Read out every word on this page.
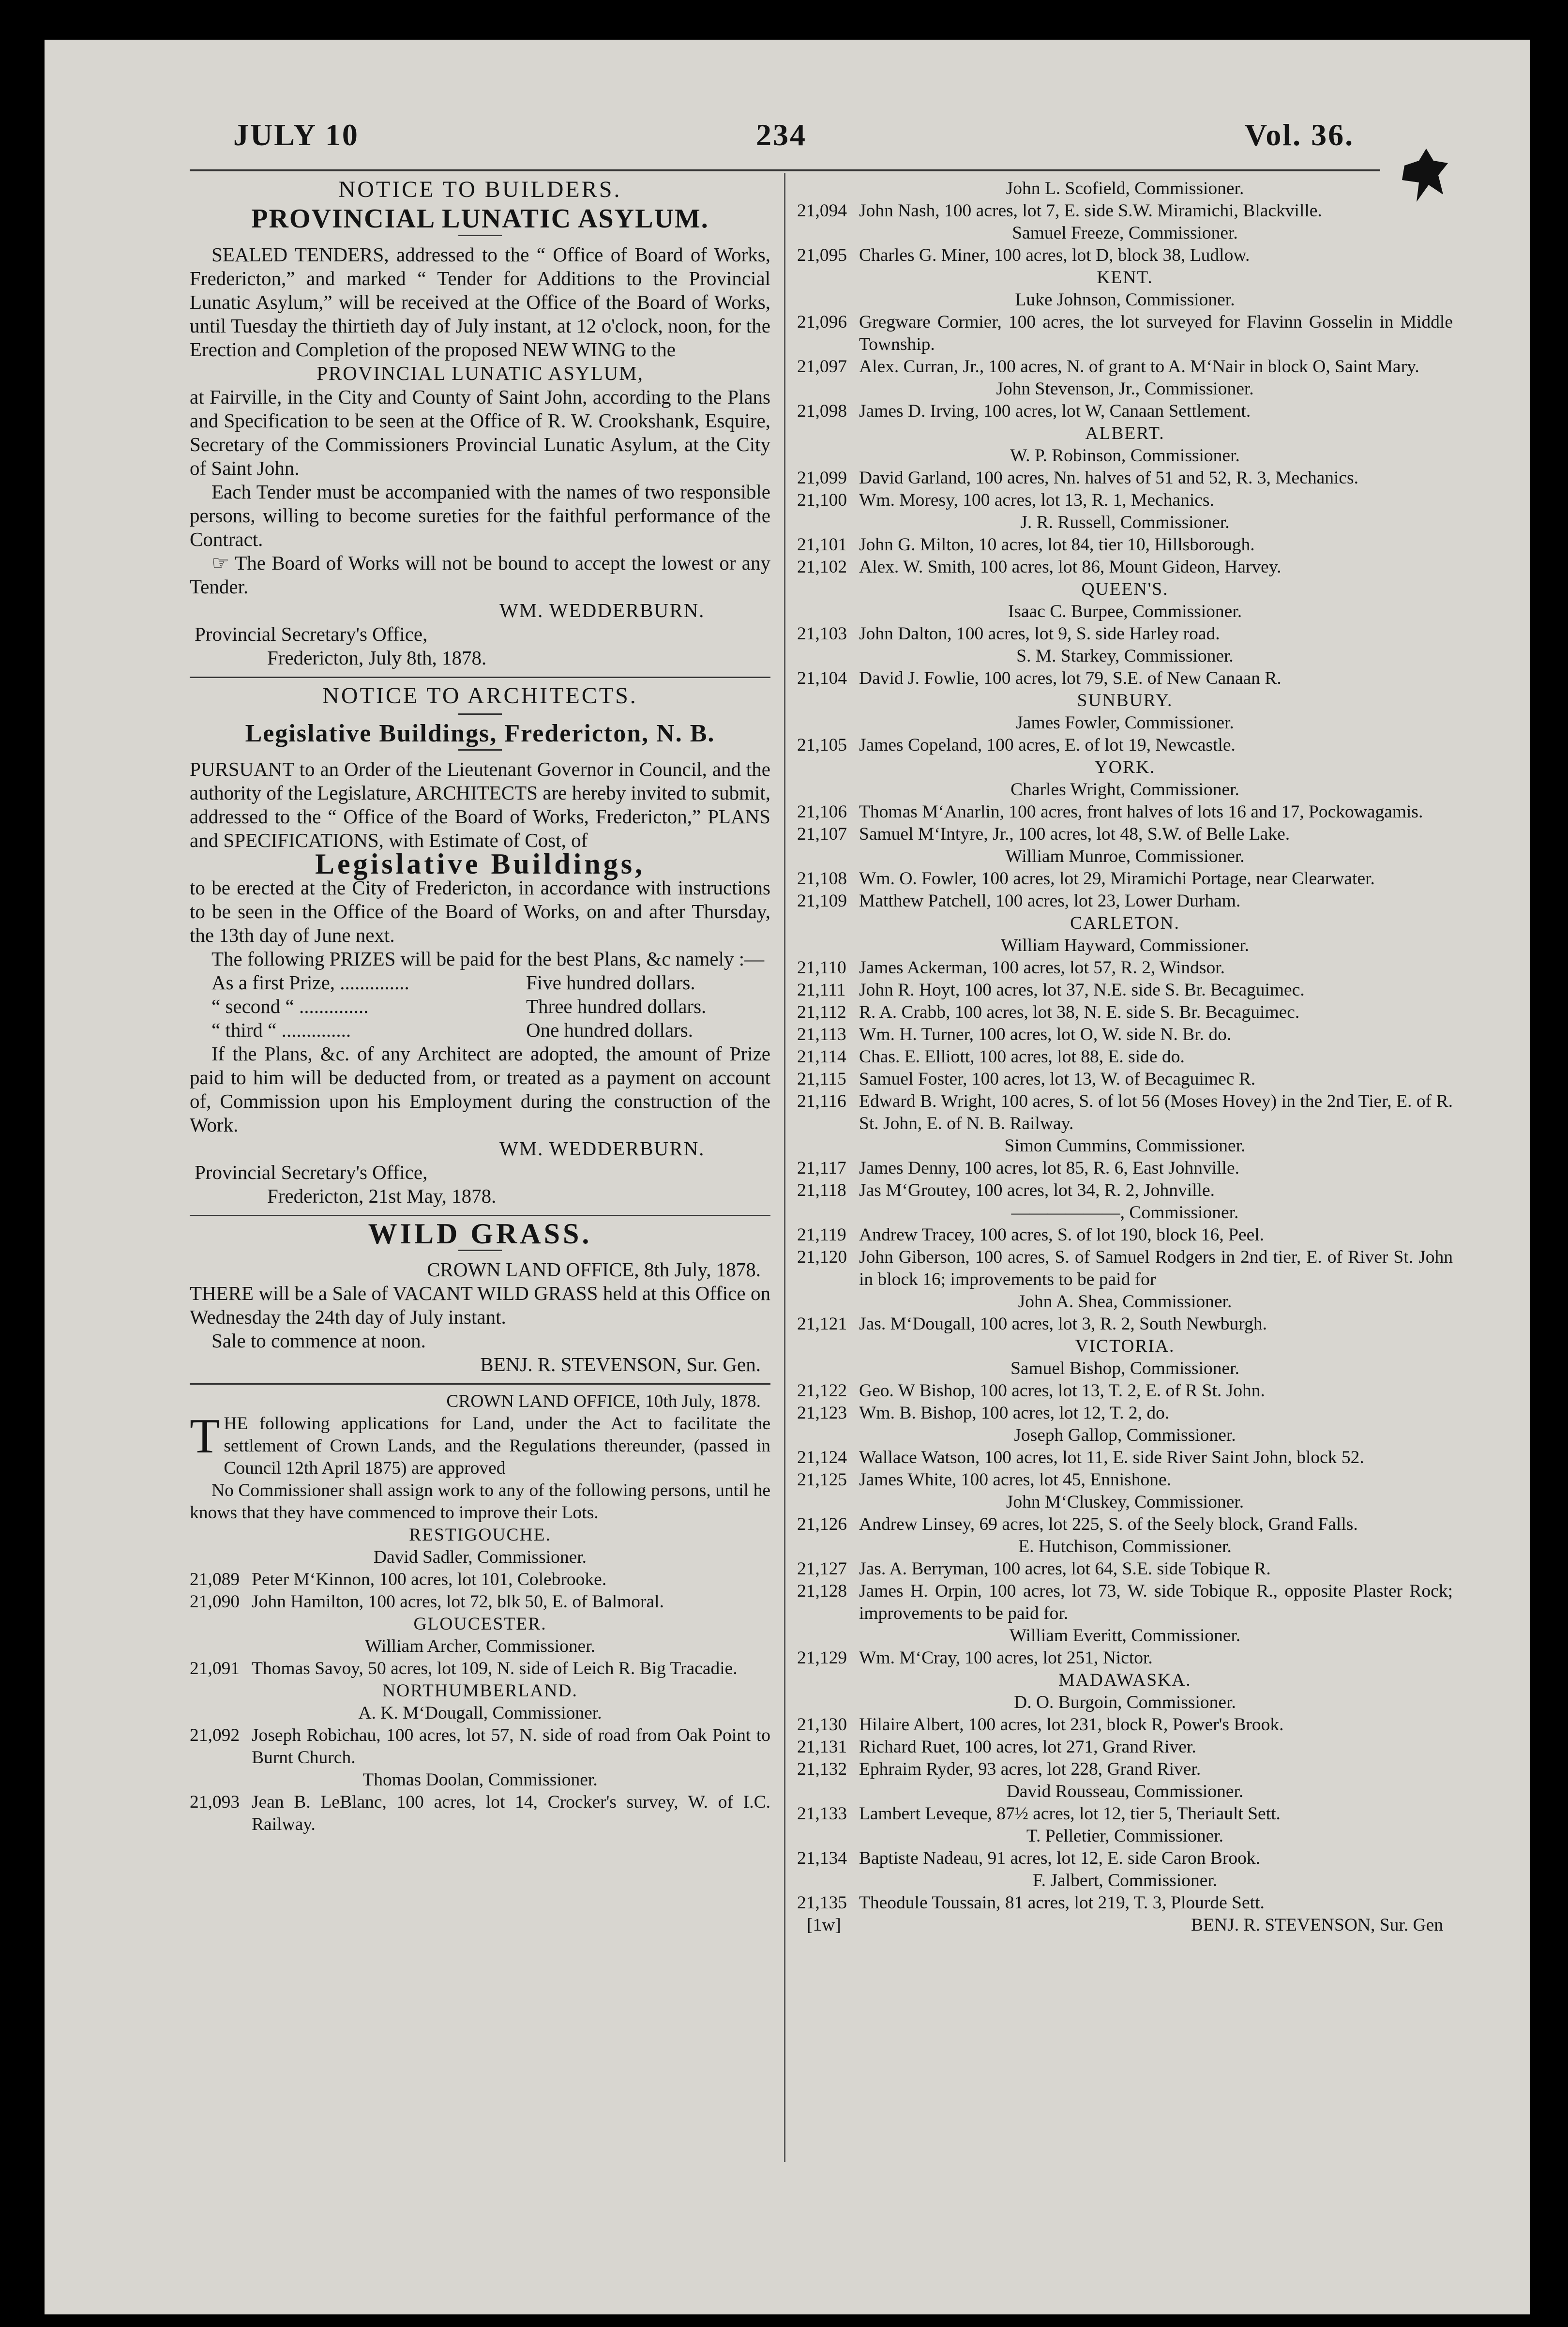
JULY 10	234	Vol. 36.
NOTICE TO BUILDERS.
PROVINCIAL LUNATIC ASYLUM.

SEALED TENDERS, addressed to the “ Office of Board of Works, Fredericton,” and marked “ Tender for Additions to the Provincial Lunatic Asylum,” will be received at the Office of the Board of Works, until Tuesday the thirtieth day of July instant, at 12 o'clock, noon, for the Erection and Completion of the proposed NEW WING to the

PROVINCIAL LUNATIC ASYLUM,

at Fairville, in the City and County of Saint John, according to the Plans and Specification to be seen at the Office of R. W. Crookshank, Esquire, Secretary of the Commissioners Provincial Lunatic Asylum, at the City of Saint John.

Each Tender must be accompanied with the names of two responsible persons, willing to become sureties for the faithful performance of the Contract.

☞ The Board of Works will not be bound to accept the lowest or any Tender.

WM. WEDDERBURN.
Provincial Secretary's Office,
Fredericton, July 8th, 1878.
NOTICE TO ARCHITECTS.
Legislative Buildings, Fredericton, N. B.

PURSUANT to an Order of the Lieutenant Governor in Council, and the authority of the Legislature, ARCHITECTS are hereby invited to submit, addressed to the “ Office of the Board of Works, Fredericton,” PLANS and SPECIFICATIONS, with Estimate of Cost, of

Legislative Buildings,

to be erected at the City of Fredericton, in accordance with instructions to be seen in the Office of the Board of Works, on and after Thursday, the 13th day of June next.

The following PRIZES will be paid for the best Plans, &c namely :—

As a first Prize, ..............	Five hundred dollars.
“ second “ ..............	Three hundred dollars.
“ third “ ..............	One hundred dollars.

If the Plans, &c. of any Architect are adopted, the amount of Prize paid to him will be deducted from, or treated as a payment on account of, Commission upon his Employment during the construction of the Work.

WM. WEDDERBURN.
Provincial Secretary's Office,
Fredericton, 21st May, 1878.
WILD GRASS.
CROWN LAND OFFICE, 8th July, 1878.

THERE will be a Sale of VACANT WILD GRASS held at this Office on Wednesday the 24th day of July instant.

Sale to commence at noon.

BENJ. R. STEVENSON, Sur. Gen.
CROWN LAND OFFICE, 10th July, 1878.
T HE following applications for Land, under the Act to facilitate the settlement of Crown Lands, and the Regulations thereunder, (passed in Council 12th April 1875) are approved

No Commissioner shall assign work to any of the following persons, until he knows that they have commenced to improve their Lots.

RESTIGOUCHE.
David Sadler, Commissioner.
21,089 Peter M‘Kinnon, 100 acres, lot 101, Colebrooke.
21,090 John Hamilton, 100 acres, lot 72, blk 50, E. of Balmoral.
GLOUCESTER.
William Archer, Commissioner.
21,091 Thomas Savoy, 50 acres, lot 109, N. side of Leich R. Big Tracadie.
NORTHUMBERLAND.
A. K. M‘Dougall, Commissioner.
21,092 Joseph Robichau, 100 acres, lot 57, N. side of road from Oak Point to Burnt Church.
Thomas Doolan, Commissioner.
21,093 Jean B. LeBlanc, 100 acres, lot 14, Crocker's survey, W. of I.C. Railway.
John L. Scofield, Commissioner.
21,094 John Nash, 100 acres, lot 7, E. side S.W. Miramichi, Blackville.
Samuel Freeze, Commissioner.
21,095 Charles G. Miner, 100 acres, lot D, block 38, Ludlow.
KENT.
Luke Johnson, Commissioner.
21,096 Gregware Cormier, 100 acres, the lot surveyed for Flavinn Gosselin in Middle Township.
21,097 Alex. Curran, Jr., 100 acres, N. of grant to A. M‘Nair in block O, Saint Mary.
John Stevenson, Jr., Commissioner.
21,098 James D. Irving, 100 acres, lot W, Canaan Settlement.
ALBERT.
W. P. Robinson, Commissioner.
21,099 David Garland, 100 acres, Nn. halves of 51 and 52, R. 3, Mechanics.
21,100 Wm. Moresy, 100 acres, lot 13, R. 1, Mechanics.
J. R. Russell, Commissioner.
21,101 John G. Milton, 10 acres, lot 84, tier 10, Hillsborough.
21,102 Alex. W. Smith, 100 acres, lot 86, Mount Gideon, Harvey.
QUEEN'S.
Isaac C. Burpee, Commissioner.
21,103 John Dalton, 100 acres, lot 9, S. side Harley road.
S. M. Starkey, Commissioner.
21,104 David J. Fowlie, 100 acres, lot 79, S.E. of New Canaan R.
SUNBURY.
James Fowler, Commissioner.
21,105 James Copeland, 100 acres, E. of lot 19, Newcastle.
YORK.
Charles Wright, Commissioner.
21,106 Thomas M‘Anarlin, 100 acres, front halves of lots 16 and 17, Pockowagamis.
21,107 Samuel M‘Intyre, Jr., 100 acres, lot 48, S.W. of Belle Lake.
William Munroe, Commissioner.
21,108 Wm. O. Fowler, 100 acres, lot 29, Miramichi Portage, near Clearwater.
21,109 Matthew Patchell, 100 acres, lot 23, Lower Durham.
CARLETON.
William Hayward, Commissioner.
21,110 James Ackerman, 100 acres, lot 57, R. 2, Windsor.
21,111 John R. Hoyt, 100 acres, lot 37, N.E. side S. Br. Becaguimec.
21,112 R. A. Crabb, 100 acres, lot 38, N. E. side S. Br. Becaguimec.
21,113 Wm. H. Turner, 100 acres, lot O, W. side N. Br. do.
21,114 Chas. E. Elliott, 100 acres, lot 88, E. side do.
21,115 Samuel Foster, 100 acres, lot 13, W. of Becaguimec R.
21,116 Edward B. Wright, 100 acres, S. of lot 56 (Moses Hovey) in the 2nd Tier, E. of R. St. John, E. of N. B. Railway.
Simon Cummins, Commissioner.
21,117 James Denny, 100 acres, lot 85, R. 6, East Johnville.
21,118 Jas M‘Groutey, 100 acres, lot 34, R. 2, Johnville.
——————, Commissioner.
21,119 Andrew Tracey, 100 acres, S. of lot 190, block 16, Peel.
21,120 John Giberson, 100 acres, S. of Samuel Rodgers in 2nd tier, E. of River St. John in block 16; improvements to be paid for
John A. Shea, Commissioner.
21,121 Jas. M‘Dougall, 100 acres, lot 3, R. 2, South Newburgh.
VICTORIA.
Samuel Bishop, Commissioner.
21,122 Geo. W Bishop, 100 acres, lot 13, T. 2, E. of R St. John.
21,123 Wm. B. Bishop, 100 acres, lot 12, T. 2, do.
Joseph Gallop, Commissioner.
21,124 Wallace Watson, 100 acres, lot 11, E. side River Saint John, block 52.
21,125 James White, 100 acres, lot 45, Ennishone.
John M‘Cluskey, Commissioner.
21,126 Andrew Linsey, 69 acres, lot 225, S. of the Seely block, Grand Falls.
E. Hutchison, Commissioner.
21,127 Jas. A. Berryman, 100 acres, lot 64, S.E. side Tobique R.
21,128 James H. Orpin, 100 acres, lot 73, W. side Tobique R., opposite Plaster Rock; improvements to be paid for.
William Everitt, Commissioner.
21,129 Wm. M‘Cray, 100 acres, lot 251, Nictor.
MADAWASKA.
D. O. Burgoin, Commissioner.
21,130 Hilaire Albert, 100 acres, lot 231, block R, Power's Brook.
21,131 Richard Ruet, 100 acres, lot 271, Grand River.
21,132 Ephraim Ryder, 93 acres, lot 228, Grand River.
David Rousseau, Commissioner.
21,133 Lambert Leveque, 87½ acres, lot 12, tier 5, Theriault Sett.
T. Pelletier, Commissioner.
21,134 Baptiste Nadeau, 91 acres, lot 12, E. side Caron Brook.
F. Jalbert, Commissioner.
21,135 Theodule Toussain, 81 acres, lot 219, T. 3, Plourde Sett.
[1w]	BENJ. R. STEVENSON, Sur. Gen
